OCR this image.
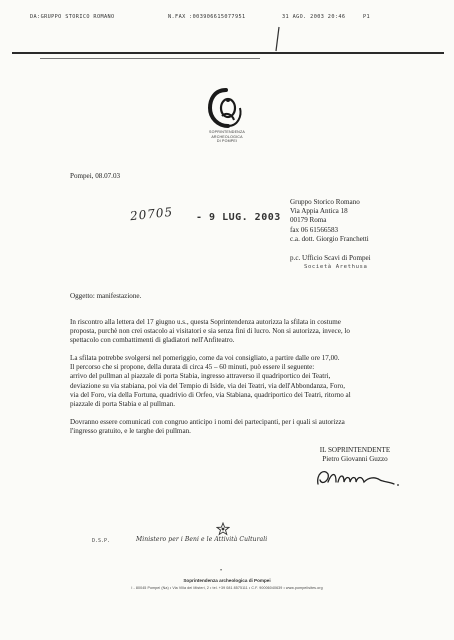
DA:GRUPPO STORICO ROMANO	N.FAX :003906615077951	31 AGO. 2003 20:46	P1
SOPRINTENDENZA
ARCHEOLOGICA
DI POMPEI
Pompei, 08.07.03
Gruppo Storico Romano
Via Appia Antica 18
00179 Roma
fax 06 61566583
c.a. dott. Giorgio Franchetti
20705 - 9 LUG. 2003
p.c. Ufficio Scavi di Pompei
Società Arethusa
Oggetto: manifestazione.
In riscontro alla lettera del 17 giugno u.s., questa Soprintendenza autorizza la sfilata in costume
proposta, purchè non crei ostacolo ai visitatori e sia senza fini di lucro. Non si autorizza, invece, lo
spettacolo con combattimenti di gladiatori nell'Anfiteatro.
La sfilata potrebbe svolgersi nel pomeriggio, come da voi consigliato, a partire dalle ore 17,00.
Il percorso che si propone, della durata di circa 45 – 60 minuti, può essere il seguente:
arrivo del pullman al piazzale di porta Stabia, ingresso attraverso il quadriportico dei Teatri,
deviazione su via stabiana, poi via del Tempio di Iside, via dei Teatri, via dell'Abbondanza, Foro,
via del Foro, via della Fortuna, quadrivio di Orfeo, via Stabiana, quadriportico dei Teatri, ritorno al
piazzale di porta Stabia e al pullman.
Dovranno essere comunicati con congruo anticipo i nomi dei partecipanti, per i quali si autorizza
l'ingresso gratuito, e le targhe dei pullman.
IL SOPRINTENDENTE
Pietro Giovanni Guzzo
D.S.P.	Ministero per i Beni e le Attività Culturali
•
Soprintendenza archeologica di Pompei
I - 80045 Pompei (Na) • Via Villa dei Misteri, 2 • tel. +39 081 8575111 • C.F. 90006040639 • www.pompeiisites.org
